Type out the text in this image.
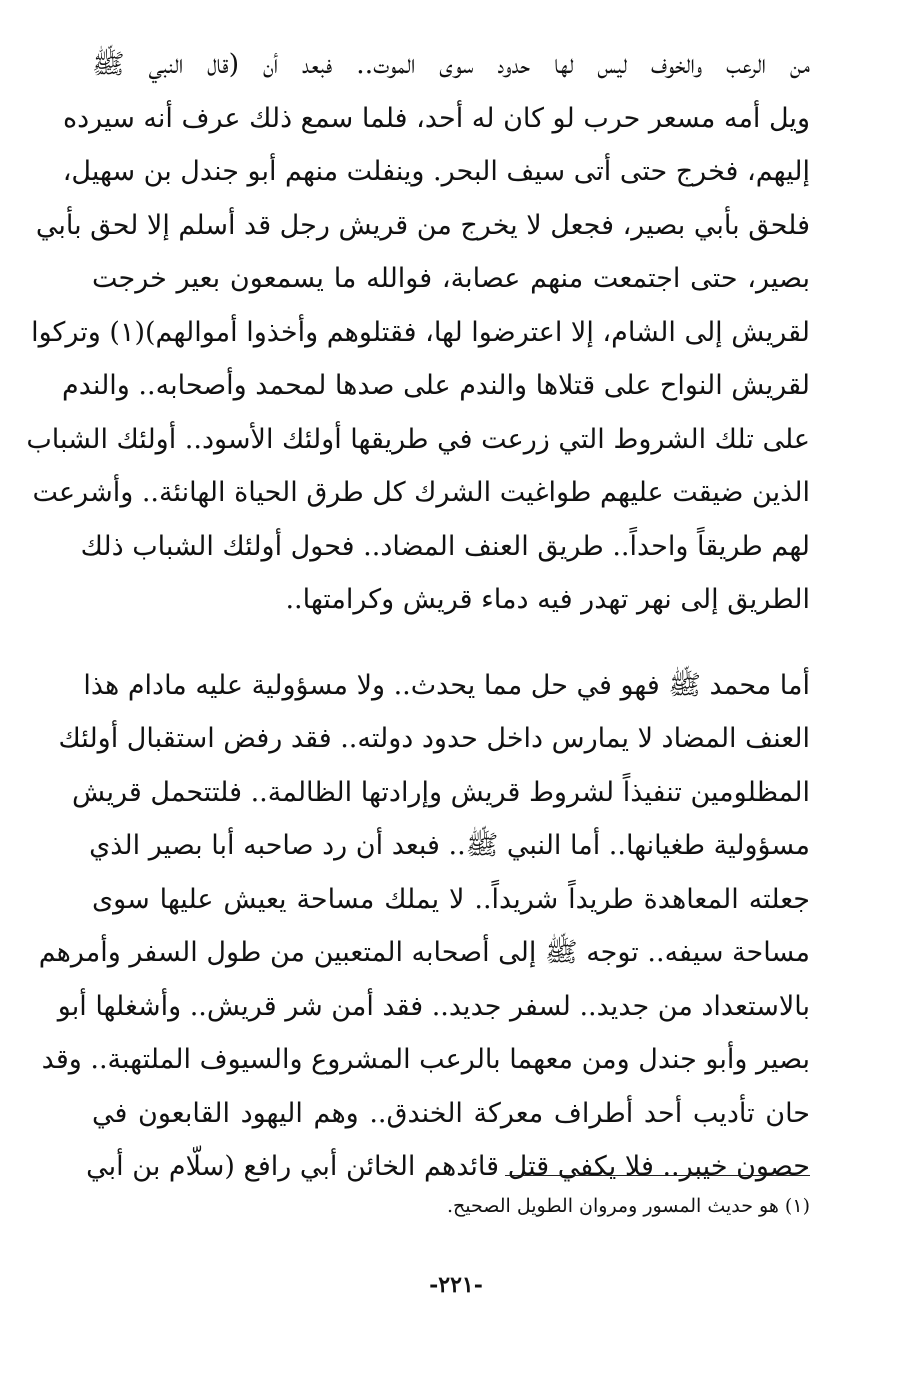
من الرعب والخوف ليس لها حدود سوى الموت.. فبعد أن (قال النبي ﷺ
ويل أمه مسعر حرب لو كان له أحد، فلما سمع ذلك عرف أنه سيرده
إليهم، فخرج حتى أتى سيف البحر. وينفلت منهم أبو جندل بن سهيل،
فلحق بأبي بصير، فجعل لا يخرج من قريش رجل قد أسلم إلا لحق بأبي
بصير، حتى اجتمعت منهم عصابة، فوالله ما يسمعون بعير خرجت
لقريش إلى الشام، إلا اعترضوا لها، فقتلوهم وأخذوا أموالهم)(١) وتركوا
لقريش النواح على قتلاها والندم على صدها لمحمد وأصحابه.. والندم
على تلك الشروط التي زرعت في طريقها أولئك الأسود.. أولئك الشباب
الذين ضيقت عليهم طواغيت الشرك كل طرق الحياة الهانئة.. وأشرعت
لهم طريقاً واحداً.. طريق العنف المضاد.. فحول أولئك الشباب ذلك
الطريق إلى نهر تهدر فيه دماء قريش وكرامتها..
أما محمد ﷺ فهو في حل مما يحدث.. ولا مسؤولية عليه مادام هذا
العنف المضاد لا يمارس داخل حدود دولته.. فقد رفض استقبال أولئك
المظلومين تنفيذاً لشروط قريش وإرادتها الظالمة.. فلتتحمل قريش
مسؤولية طغيانها.. أما النبي ﷺ.. فبعد أن رد صاحبه أبا بصير الذي
جعلته المعاهدة طريداً شريداً.. لا يملك مساحة يعيش عليها سوى
مساحة سيفه.. توجه ﷺ إلى أصحابه المتعبين من طول السفر وأمرهم
بالاستعداد من جديد.. لسفر جديد.. فقد أمن شر قريش.. وأشغلها أبو
بصير وأبو جندل ومن معهما بالرعب المشروع والسيوف الملتهبة.. وقد
حان تأديب أحد أطراف معركة الخندق.. وهم اليهود القابعون في
حصون خيبر.. فلا يكفي قتل قائدهم الخائن أبي رافع (سلّام بن أبي
(١) هو حديث المسور ومروان الطويل الصحيح.
-٢٢١-
